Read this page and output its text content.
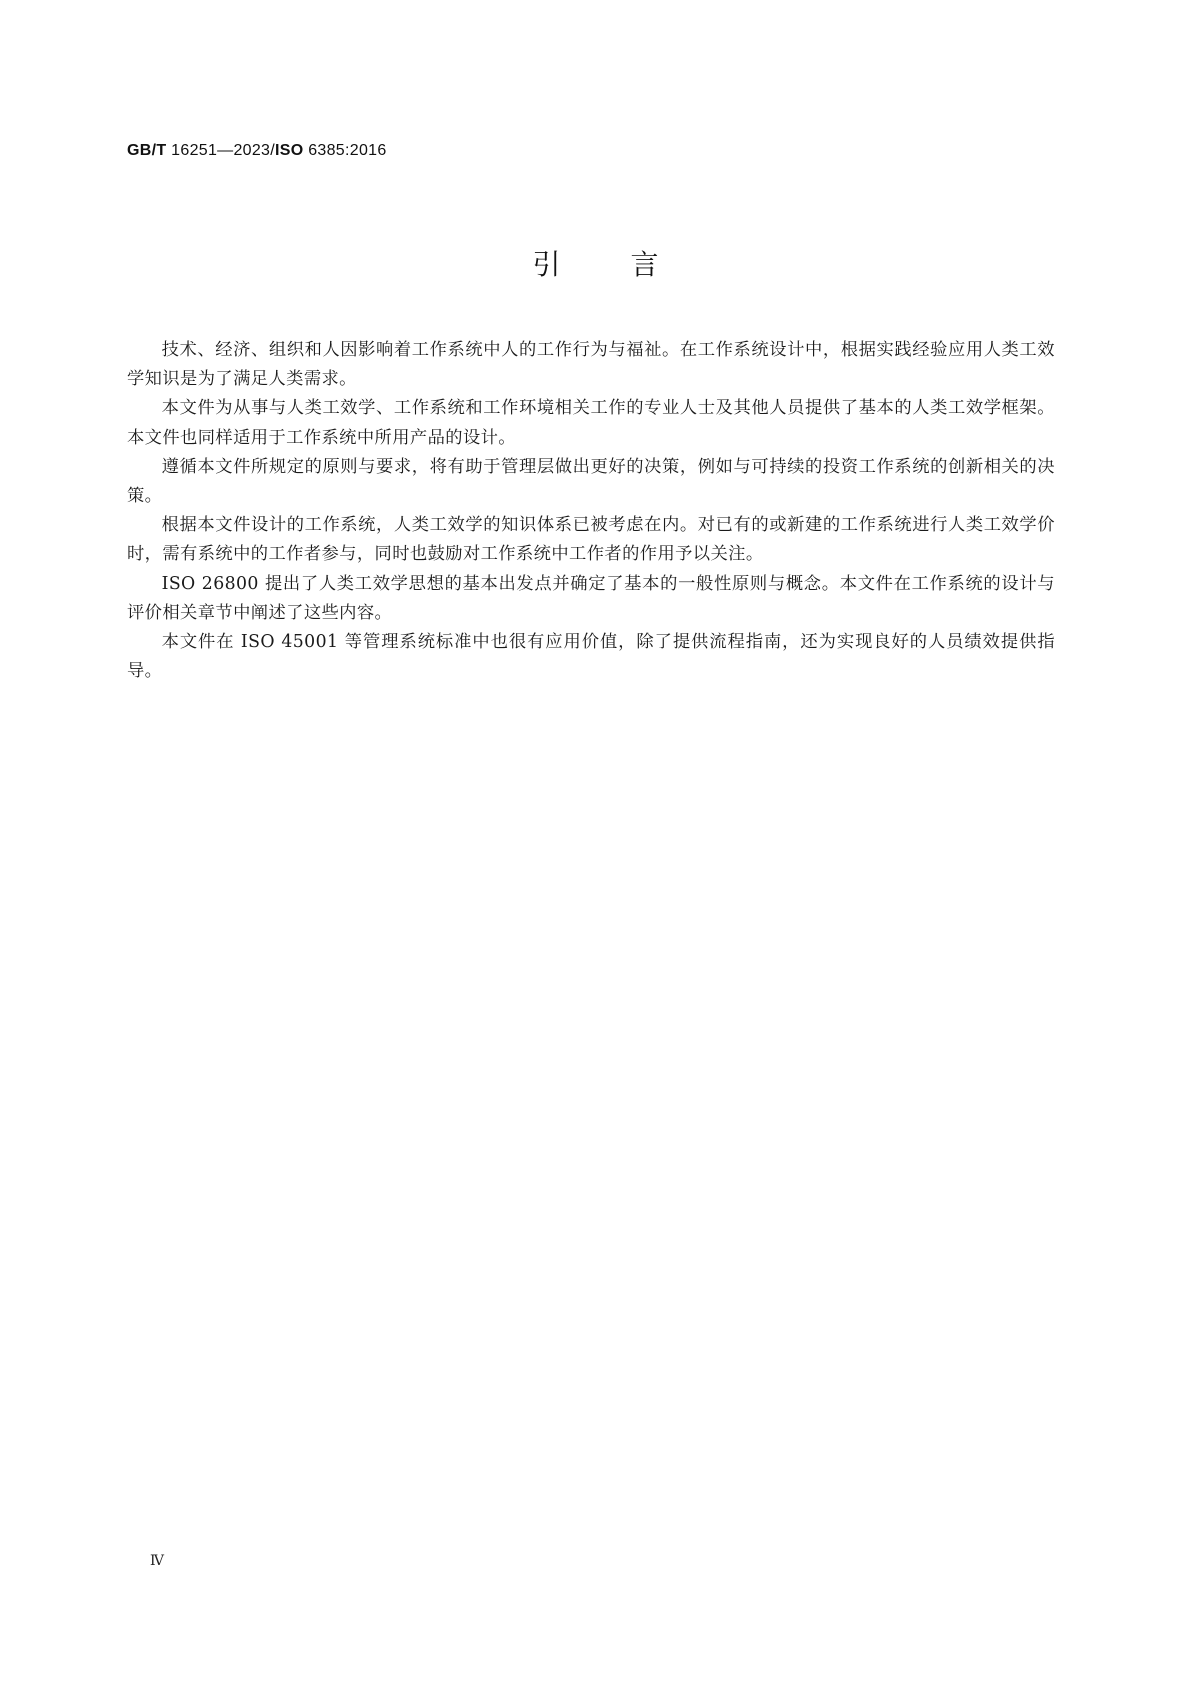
GB/T 16251—2023/ISO 6385:2016
引言

技术、经济、组织和人因影响着工作系统中人的工作行为与福祉。在工作系统设计中，根据实践经验应用人类工效学知识是为了满足人类需求。

本文件为从事与人类工效学、工作系统和工作环境相关工作的专业人士及其他人员提供了基本的人类工效学框架。本文件也同样适用于工作系统中所用产品的设计。

遵循本文件所规定的原则与要求，将有助于管理层做出更好的决策，例如与可持续的投资工作系统的创新相关的决策。

根据本文件设计的工作系统，人类工效学的知识体系已被考虑在内。对已有的或新建的工作系统进行人类工效学价时，需有系统中的工作者参与，同时也鼓励对工作系统中工作者的作用予以关注。

ISO 26800 提出了人类工效学思想的基本出发点并确定了基本的一般性原则与概念。本文件在工作系统的设计与评价相关章节中阐述了这些内容。

本文件在 ISO 45001 等管理系统标准中也很有应用价值，除了提供流程指南，还为实现良好的人员绩效提供指导。

Ⅳ
